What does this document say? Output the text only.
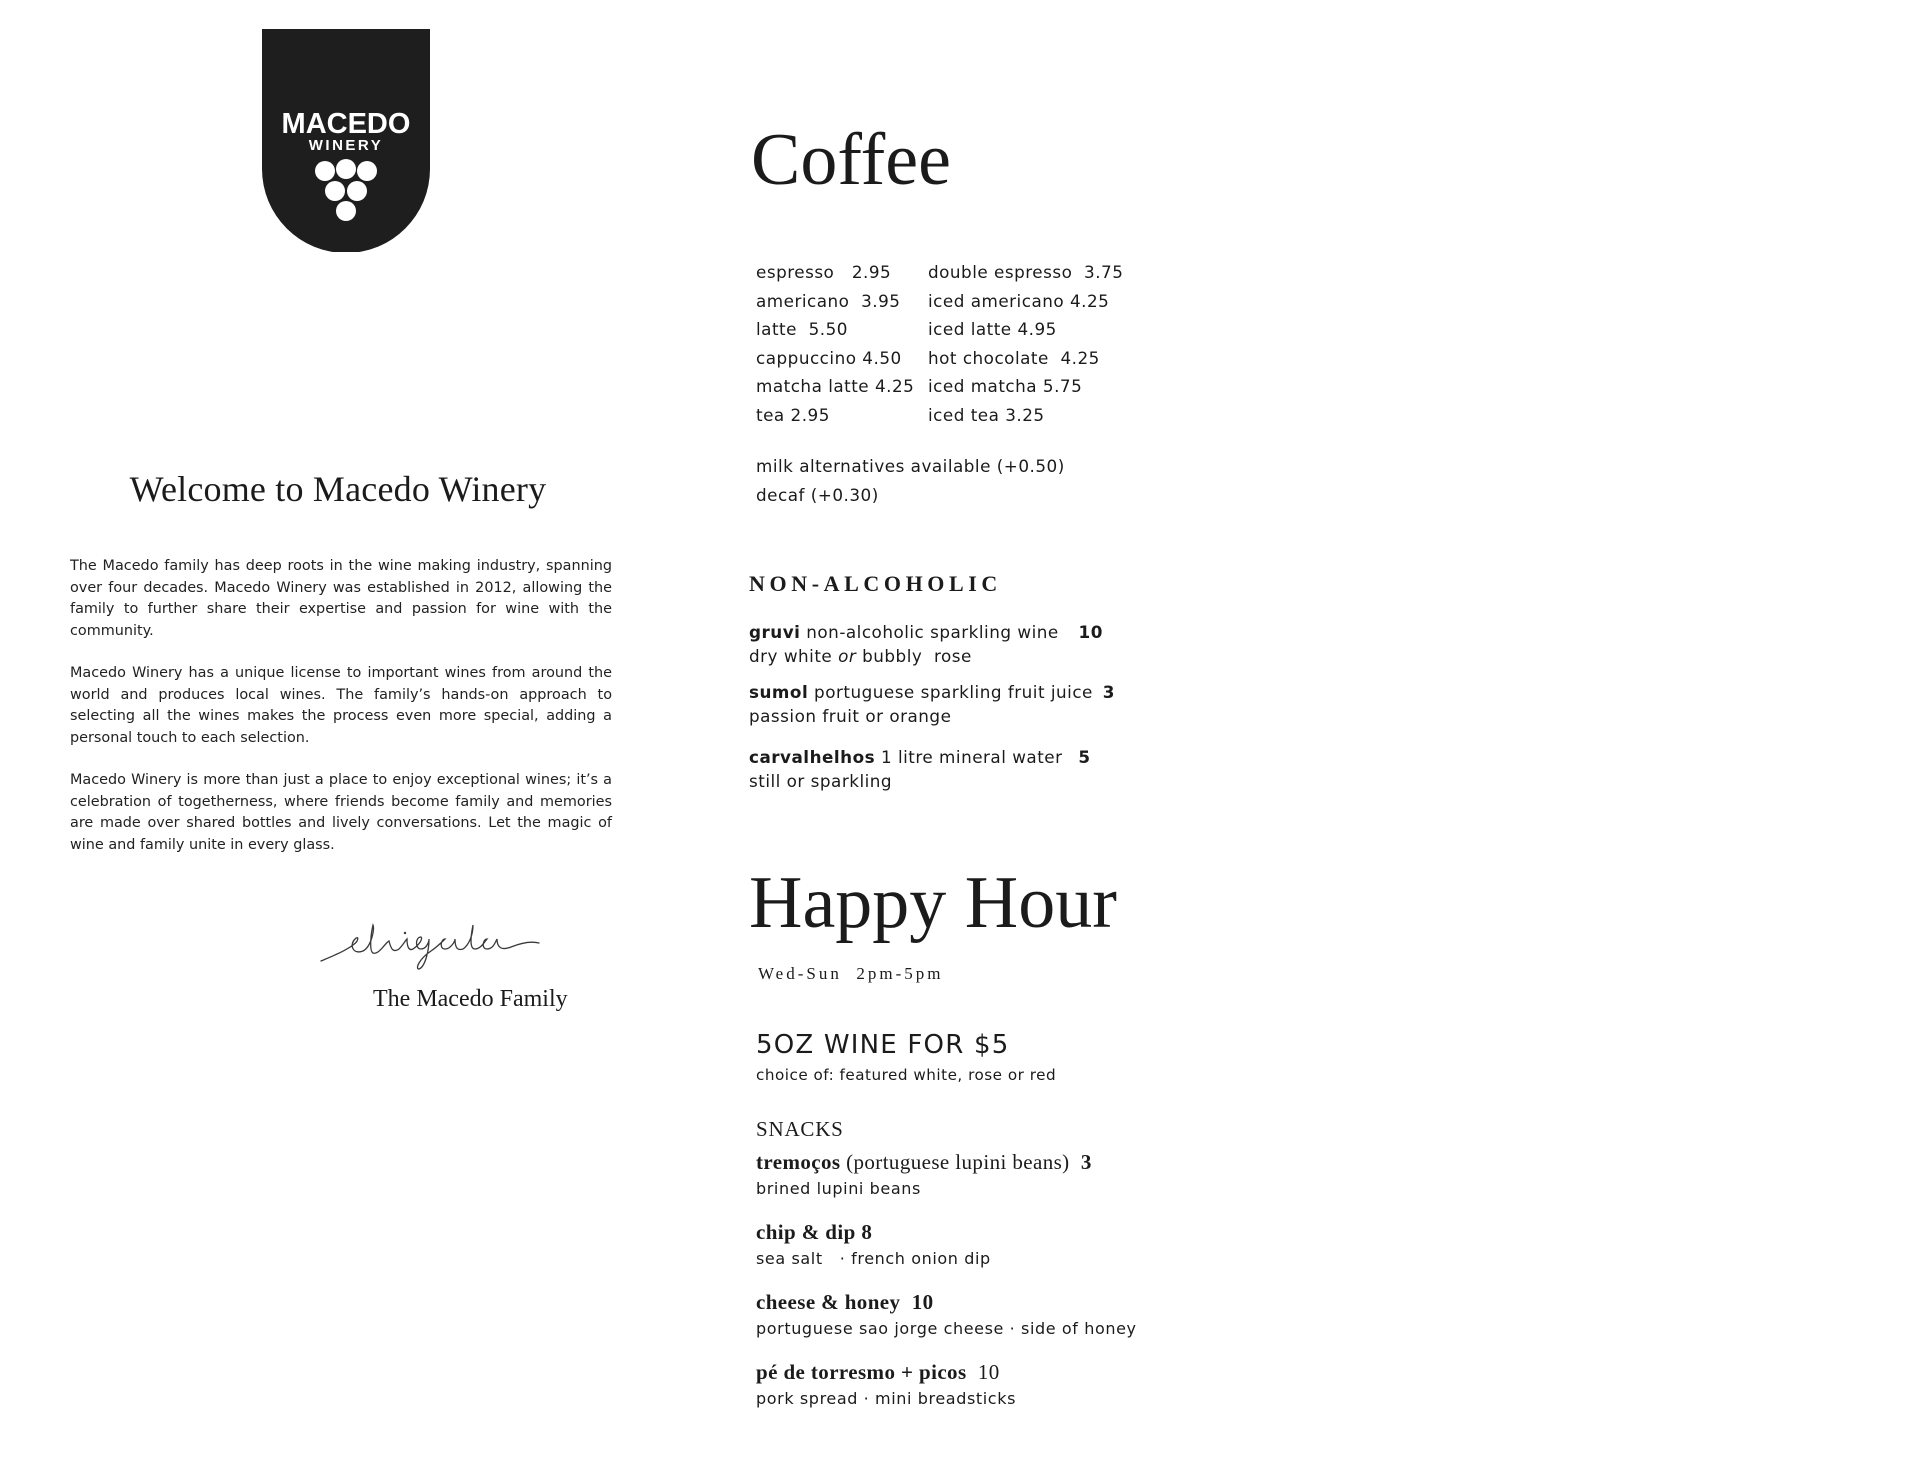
MACEDO
WINERY
Welcome to Macedo Winery
The Macedo family has deep roots in the wine making industry, spanning over four decades. Macedo Winery was established in 2012, allowing the family to further share their expertise and passion for wine with the community.
Macedo Winery has a unique license to important wines from around the world and produces local wines. The family’s hands-on approach to selecting all the wines makes the process even more special, adding a personal touch to each selection.
Macedo Winery is more than just a place to enjoy exceptional wines; it’s a celebration of togetherness, where friends become family and memories are made over shared bottles and lively conversations. Let the magic of wine and family unite in every glass.
The Macedo Family
Coffee
espresso   2.95
americano  3.95
latte  5.50
cappuccino 4.50
matcha latte 4.25
tea 2.95
double espresso  3.75
iced americano 4.25
iced latte 4.95
hot chocolate  4.25
iced matcha 5.75
iced tea 3.25
milk alternatives available (+0.50)
decaf (+0.30)
NON-ALCOHOLIC
gruvi non-alcoholic sparkling wine 10
dry white or bubbly  rose
sumol portuguese sparkling fruit juice 3
passion fruit or orange
carvalhelhos 1 litre mineral water 5
still or sparkling
Happy Hour
Wed-Sun  2pm-5pm
5OZ WINE FOR $5
choice of: featured white, rose or red
SNACKS
tremoços (portuguese lupini beans) 3
brined lupini beans
chip & dip 8
sea salt   · french onion dip
cheese & honey 10
portuguese sao jorge cheese · side of honey
pé de torresmo + picos 10
pork spread · mini breadsticks
